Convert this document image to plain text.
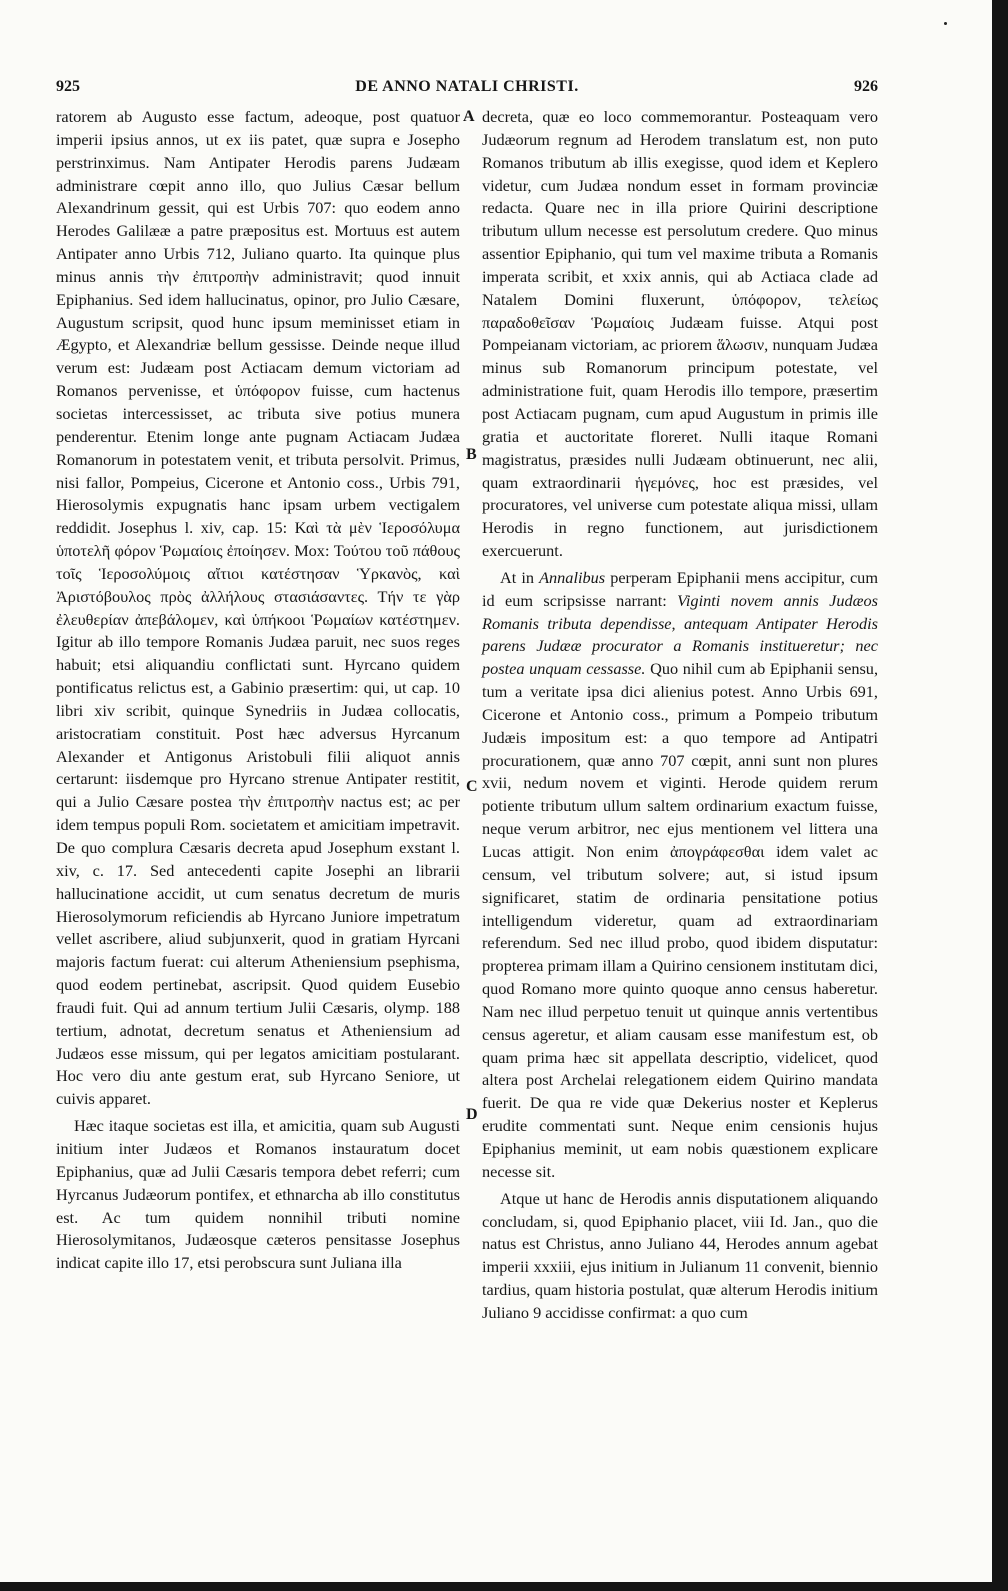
925	DE ANNO NATALI CHRISTI.	926
A
B
C
D

ratorem ab Augusto esse factum, adeoque, post quatuor imperii ipsius annos, ut ex iis patet, quæ supra e Josepho perstrinximus. Nam Antipater Herodis parens Judæam administrare cœpit anno illo, quo Julius Cæsar bellum Alexandrinum gessit, qui est Urbis 707: quo eodem anno Herodes Galilææ a patre præpositus est. Mortuus est autem Antipater anno Urbis 712, Juliano quarto. Ita quinque plus minus annis τὴν ἐπιτροπὴν administravit; quod innuit Epiphanius. Sed idem hallucinatus, opinor, pro Julio Cæsare, Augustum scripsit, quod hunc ipsum meminisset etiam in Ægypto, et Alexandriæ bellum gessisse. Deinde neque illud verum est: Judæam post Actiacam demum victoriam ad Romanos pervenisse, et ὑπόφορον fuisse, cum hactenus societas intercessisset, ac tributa sive potius munera penderentur. Etenim longe ante pugnam Actiacam Judæa Romanorum in potestatem venit, et tributa persolvit. Primus, nisi fallor, Pompeius, Cicerone et Antonio coss., Urbis 791, Hierosolymis expugnatis hanc ipsam urbem vectigalem reddidit. Josephus l. xiv, cap. 15: Καὶ τὰ μὲν Ἱεροσόλυμα ὑποτελῆ φόρον Ῥωμαίοις ἐποίησεν. Mox: Τούτου τοῦ πάθους τοῖς Ἱεροσολύμοις αἴτιοι κατέστησαν Ὑρκανὸς, καὶ Ἀριστόβουλος πρὸς ἀλλήλους στασιάσαντες. Τήν τε γὰρ ἐλευθερίαν ἀπεβάλομεν, καὶ ὑπήκοοι Ῥωμαίων κατέστημεν. Igitur ab illo tempore Romanis Judæa paruit, nec suos reges habuit; etsi aliquandiu conflictati sunt. Hyrcano quidem pontificatus relictus est, a Gabinio præsertim: qui, ut cap. 10 libri xiv scribit, quinque Synedriis in Judæa collocatis, aristocratiam constituit. Post hæc adversus Hyrcanum Alexander et Antigonus Aristobuli filii aliquot annis certarunt: iisdemque pro Hyrcano strenue Antipater restitit, qui a Julio Cæsare postea τὴν ἐπιτροπὴν nactus est; ac per idem tempus populi Rom. societatem et amicitiam impetravit. De quo complura Cæsaris decreta apud Josephum exstant l. xiv, c. 17. Sed antecedenti capite Josephi an librarii hallucinatione accidit, ut cum senatus decretum de muris Hierosolymorum reficiendis ab Hyrcano Juniore impetratum vellet ascribere, aliud subjunxerit, quod in gratiam Hyrcani majoris factum fuerat: cui alterum Atheniensium psephisma, quod eodem pertinebat, ascripsit. Quod quidem Eusebio fraudi fuit. Qui ad annum tertium Julii Cæsaris, olymp. 188 tertium, adnotat, decretum senatus et Atheniensium ad Judæos esse missum, qui per legatos amicitiam postularant. Hoc vero diu ante gestum erat, sub Hyrcano Seniore, ut cuivis apparet.

Hæc itaque societas est illa, et amicitia, quam sub Augusti initium inter Judæos et Romanos instauratum docet Epiphanius, quæ ad Julii Cæsaris tempora debet referri; cum Hyrcanus Judæorum pontifex, et ethnarcha ab illo constitutus est. Ac tum quidem nonnihil tributi nomine Hierosolymitanos, Judæosque cæteros pensitasse Josephus indicat capite illo 17, etsi perobscura sunt Juliana illa

decreta, quæ eo loco commemorantur. Posteaquam vero Judæorum regnum ad Herodem translatum est, non puto Romanos tributum ab illis exegisse, quod idem et Keplero videtur, cum Judæa nondum esset in formam provinciæ redacta. Quare nec in illa priore Quirini descriptione tributum ullum necesse est persolutum credere. Quo minus assentior Epiphanio, qui tum vel maxime tributa a Romanis imperata scribit, et xxix annis, qui ab Actiaca clade ad Natalem Domini fluxerunt, ὑπόφορον, τελείως παραδοθεῖσαν Ῥωμαίοις Judæam fuisse. Atqui post Pompeianam victoriam, ac priorem ἅλωσιν, nunquam Judæa minus sub Romanorum principum potestate, vel administratione fuit, quam Herodis illo tempore, præsertim post Actiacam pugnam, cum apud Augustum in primis ille gratia et auctoritate floreret. Nulli itaque Romani magistratus, præsides nulli Judæam obtinuerunt, nec alii, quam extraordinarii ἡγεμόνες, hoc est præsides, vel procuratores, vel universe cum potestate aliqua missi, ullam Herodis in regno functionem, aut jurisdictionem exercuerunt.

At in Annalibus perperam Epiphanii mens accipitur, cum id eum scripsisse narrant: Viginti novem annis Judæos Romanis tributa dependisse, antequam Antipater Herodis parens Judææ procurator a Romanis institueretur; nec postea unquam cessasse. Quo nihil cum ab Epiphanii sensu, tum a veritate ipsa dici alienius potest. Anno Urbis 691, Cicerone et Antonio coss., primum a Pompeio tributum Judæis impositum est: a quo tempore ad Antipatri procurationem, quæ anno 707 cœpit, anni sunt non plures xvii, nedum novem et viginti. Herode quidem rerum potiente tributum ullum saltem ordinarium exactum fuisse, neque verum arbitror, nec ejus mentionem vel littera una Lucas attigit. Non enim ἀπογράφεσθαι idem valet ac censum, vel tributum solvere; aut, si istud ipsum significaret, statim de ordinaria pensitatione potius intelligendum videretur, quam ad extraordinariam referendum. Sed nec illud probo, quod ibidem disputatur: propterea primam illam a Quirino censionem institutam dici, quod Romano more quinto quoque anno census haberetur. Nam nec illud perpetuo tenuit ut quinque annis vertentibus census ageretur, et aliam causam esse manifestum est, ob quam prima hæc sit appellata descriptio, videlicet, quod altera post Archelai relegationem eidem Quirino mandata fuerit. De qua re vide quæ Dekerius noster et Keplerus erudite commentati sunt. Neque enim censionis hujus Epiphanius meminit, ut eam nobis quæstionem explicare necesse sit.

Atque ut hanc de Herodis annis disputationem aliquando concludam, si, quod Epiphanio placet, viii Id. Jan., quo die natus est Christus, anno Juliano 44, Herodes annum agebat imperii xxxiii, ejus initium in Julianum 11 convenit, biennio tardius, quam historia postulat, quæ alterum Herodis initium Juliano 9 accidisse confirmat: a quo cum
